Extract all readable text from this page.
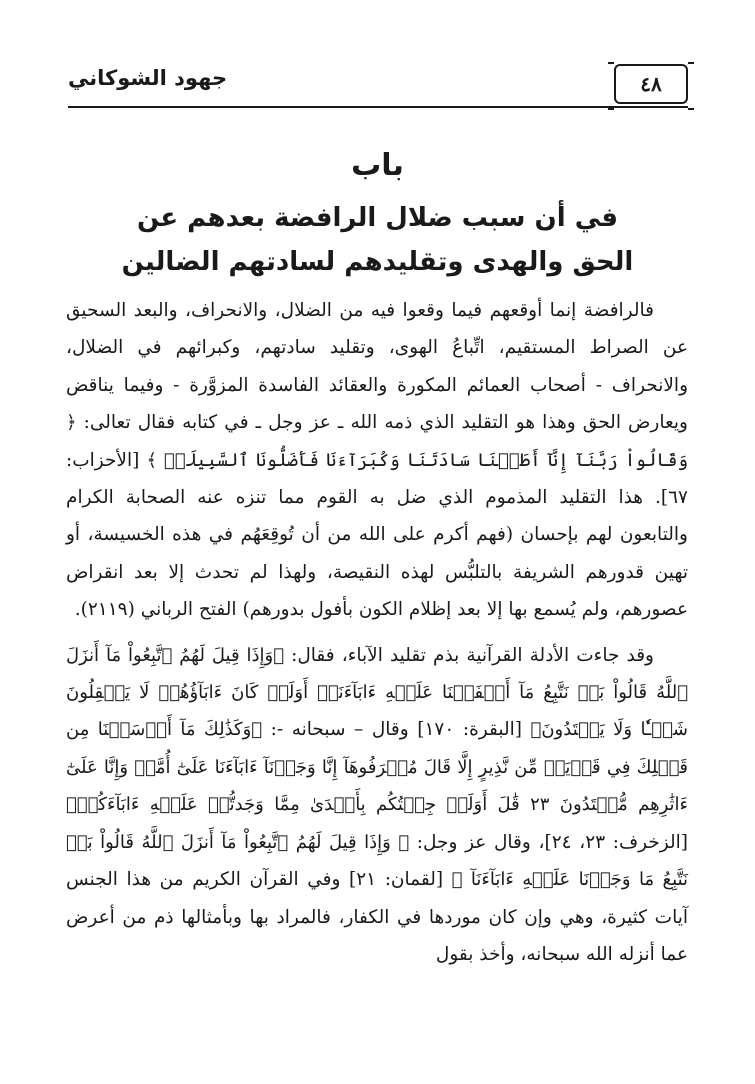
٤٨
جهود الشوكاني
باب
في أن سبب ضلال الرافضة بعدهم عن
الحق والهدى وتقليدهم لسادتهم الضالين

فالرافضة إنما أوقعهم فيما وقعوا فيه من الضلال، والانحراف، والبعد السحيق عن الصراط المستقيم، اتِّباعُ الهوى، وتقليد سادتهم، وكبرائهم في الضلال، والانحراف - أصحاب العمائم المكورة والعقائد الفاسدة المزوَّرة - وفيما يناقض ويعارض الحق وهذا هو التقليد الذي ذمه الله ـ عز وجل ـ في كتابه فقال تعالى: ﴿ وَقَالُواْ رَبَّنَآ إِنَّآ أَطَعۡنَا سَادَتَنَا وَكُبَرَآءَنَا فَأَضَلُّونَا ٱلسَّبِيلَا۠ ﴾ [الأحزاب: ٦٧]. هذا التقليد المذموم الذي ضل به القوم مما تنزه عنه الصحابة الكرام والتابعون لهم بإحسان (فهم أكرم على الله من أن تُوقِعَهُم في هذه الخسيسة، أو تهين قدورهم الشريفة بالتلبُّس لهذه النقيصة، ولهذا لم تحدث إلا بعد انقراض عصورهم، ولم يُسمع بها إلا بعد إظلام الكون بأفول بدورهم) الفتح الرباني (٢١١٩).

وقد جاءت الأدلة القرآنية بذم تقليد الآباء، فقال: ﴿وَإِذَا قِيلَ لَهُمُ ٱتَّبِعُواْ مَآ أَنزَلَ ٱللَّهُ قَالُواْ بَلۡ نَتَّبِعُ مَآ أَلۡفَيۡنَا عَلَيۡهِ ءَابَآءَنَآۚ أَوَلَوۡ كَانَ ءَابَآؤُهُمۡ لَا يَعۡقِلُونَ شَيۡـٔٗا وَلَا يَهۡتَدُونَ﴾ [البقرة: ١٧٠] وقال – سبحانه -: ﴿وَكَذَٰلِكَ مَآ أَرۡسَلۡنَا مِن قَبۡلِكَ فِي قَرۡيَةٖ مِّن نَّذِيرٍ إِلَّا قَالَ مُتۡرَفُوهَآ إِنَّا وَجَدۡنَآ ءَابَآءَنَا عَلَىٰٓ أُمَّةٖ وَإِنَّا عَلَىٰٓ ءَاثَٰرِهِم مُّقۡتَدُونَ ٢٣ قَٰلَ أَوَلَوۡ جِئۡتُكُم بِأَهۡدَىٰ مِمَّا وَجَدتُّمۡ عَلَيۡهِ ءَابَآءَكُمۡ﴾ [الزخرف: ٢٣، ٢٤]، وقال عز وجل: ﴿ وَإِذَا قِيلَ لَهُمُ ٱتَّبِعُواْ مَآ أَنزَلَ ٱللَّهُ قَالُواْ بَلۡ نَتَّبِعُ مَا وَجَدۡنَا عَلَيۡهِ ءَابَآءَنَآ ﴾ [لقمان: ٢١] وفي القرآن الكريم من هذا الجنس آيات كثيرة، وهي وإن كان موردها في الكفار، فالمراد بها وبأمثالها ذم من أعرض عما أنزله الله سبحانه، وأخذ بقول
